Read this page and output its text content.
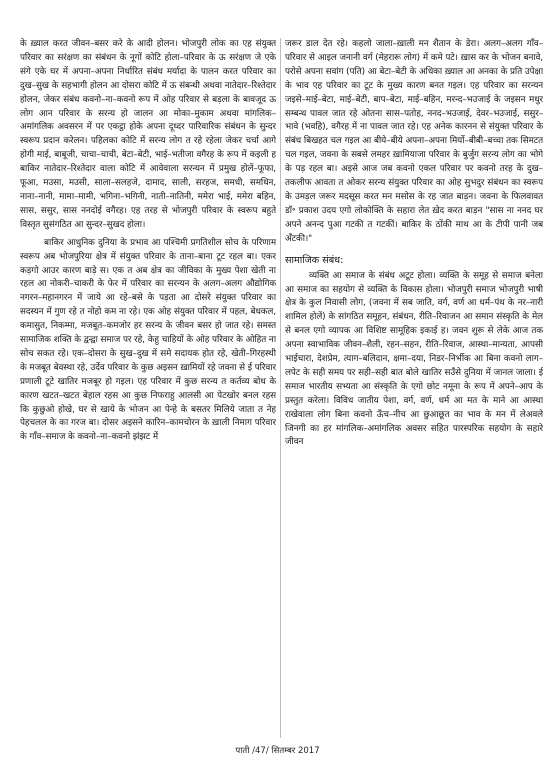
के ख़्याल करत जीवन–बसर करे के आदी होलन। भोजपुरी लोक का एह संयुक्त परिवार का सरंक्षण का संबंधन के नूगों कोटि होला–परिवार के ऊ सरंक्षण जे एके संगे एके घर में अपना–अपना निर्धारित संबंध मर्यादा के पालन करत परिवार का दुख–सुख के सहभागी होलन आ दोसरा कोटि में ऊ संबन्धी अथवा नातेदार–रिश्तेदार होलन, जेकर संबंध कवनो–ना–कवनो रूप में ओह परिवार से बड़ला के बावजूद ऊ लोग आन परिवार के सरन्य हो जालन आ मोका–मुकाम अथवा मांगलिक–अमांगलिक अवसरन में पर एकट्ठा होके अपना दूध्दर पारिवारिक संबंधन के सुन्दर स्वरूप प्रदान करेलन। पहिलका कोटि में सरन्य लोग त रहे रहेला जेकर चर्चा आगे होगी माई, बाबूजी, चाचा–चाची, बेटा–बेटी, भाई–भतीजा वगैरह के रूप में कइली ह बाकिर नातेदार–रिश्तेदार वाला कोटि में आवेवाला सरन्यन में प्रमुख होलें–फूफा, फूआ, मउसा, मउसी, साला–सलहजे, दामाद, साली, सरहज, समधी, समधिन, नाना–नानी, मामा–मामी, भगिना–भगिनी, नाती–नातिनी, ममेरा भाई, ममेरा बहिन, सास, ससुर, सास ननदोई वगैरह। एह तरह से भोजपुरी परिवार के स्वरूप बहुते विस्तृत सुसंगठित आ सुन्दर–सुखद होला।

बाकिर आधुनिक दुनिया के प्रभाव आ पश्चिमी प्रगतिशील सोच के परिणाम स्वरूप अब भोजपुरिया क्षेत्र में संयुक्त परिवार के ताना–बाना टूट रहल बा। एकर कड़गो आउर कारण बाड़े स। एक त अब क्षेत्र का जीविका के मुख्य पेशा खेती ना रहल आ नोकरी–चाकरी के फेर में परिवार का सरन्यन के अलग–अलग औद्योगिक नगरन–महानगरन में जाये आ रहे–बसे के पड़ता आ दोसरे संयुक्त परिवार का सदस्यन में गुण रहे त नोहो कम ना रहे। एक ओह संयुक्त परिवार में पहल, बेधकल, कमासुत, निकम्मा, मजबूत–कमजोर हर सरन्य के जीवन बसर हो जात रहे। समस्त सामाजिक शक्ति के द्वन्द्वा समाज पर रहे, केहु चाहियों के ओह परिवार के ओहित ना सोच सकत रहे। एक–दोसरा के सुख–दुख में समे सदायक होत रहे, खेती–गिरहस्थी के मजबूत बेवस्था रहे, उर्देव परिवार के कुछ अइसन ख़ामियों रहे जवना से ई परिवार प्रणाली टूटे खातिर मजबूर हो गइल। एह परिवार में कुछ सरन्य त कर्तव्य बोध के कारण खटत–खटत बेहाल रहस आ कुछ निफराहु आलसी आ पेटखोर बनल रहस कि कुछुओ होखे, घर से खाये के भोजन आ पेन्हे के बसतर मिलिये जाता त नेह पेहचलल के का गरज बा। दोसर अइसने कारिन–कामचोरन के ख़ाली निमाग परिवार के गाँव–समाज के कवनो–ना–कवनो झंझट में

जरूर डाल देत रहे। कहलो जाला–ख़ाली मन शैतान के डेरा। अलग–अलग गाँव–परिवार से आइल जनानी वर्ग (मेहरारू लोग) में कमे पटे। ख़ास कर के भोजन बनावे, परोसे अपना सवांग (पति) आ बेटा–बेटी के अधिका ख़्याल आ अनका के प्रति उपेक्षा के भाव एह परिवार का टूट के मुख्य कारण बनत गइल। एह परिवार का सरन्यन जइसे–माई–बेटा, माई–बेटी, बाप–बेटा, माई–बहिन, मरन्द–भउजाई के जइसन मधुर सम्बन्ध पावल जात रहे ओतना सास–पतोह, ननद–भउजाई, देवर–भउजाई, ससुर–भावे (भवहि), वगैरह में ना पावल जात रहे। एह अनेक कारनन से संयुक्त परिवार के संबंध बिखहत चल गइल आ बीये–बीये अपना–अपना मिर्यो–बीबी–बच्चा तक सिमटत चल गइल, जवना के सबसे लमहर ख़ामियाजा परिवार के बुर्जुग सरन्य लोग का भोगे के पड़ रहल बा। अइसे आज जब कवनो एकल परिवार पर कवनो तरह के दुख–तकलीफ आवता त ओकर सरन्य संयुक्त परिवार का ओह सुभदुर संबंधन का स्वरूप के उमड़ल जरूर मदसूस करत मन मसोस के रह जात बाड़न। जवना के फिलवावत डॉ॰ प्रकाश उदय एगो लोकोक्ति के सहारा लेत ख़ेद करत बाड़न "सास ना ननद घर अपने अनन्द पुआ गटकी त गटकीं। बाकिर के ठोंकी माथ आ के टीपी पानी जब अँटकी।"

सामाजिक संबंध:

व्यक्ति आ समाज के संबंध अटूट होला। व्यक्ति के समूह से समाज बनेला आ समाज का सहयोग से व्यक्ति के विकास होला। भोजपुरी समाज भोजपुरी भाषी क्षेत्र के कुल निवासी लोग, (जवना में सब जाति, वर्ग, वर्ण आ धर्म–पंथ के नर–नारी शामिल होलें) के सांगठित समूहन, संबंधन, रीति–रिवाजन आ समान संस्कृति के मेल से बनल एगो व्यापक आ विशिष्ट सामूहिक इकाई ह। जवन शुरू से लेके आज तक अपना स्वाभाविक जीवन–शैली, रहन–सहन, रीति–रिवाज, आस्था–मान्यता, आपसी भाईचारा, देशप्रेम, त्याग–बलिदान, क्षमा–दया, निडर–निर्भीक आ बिना कवनो लाग–लपेट के सही समय पर सही–सही बात बोले खातिर सउँसे दुनिया में जानल जाला। ई समाज भारतीय सभ्यता आ संस्कृति के एगो छोट नमूना के रूप में अपने–आप के प्रस्तुत करेला। विविध जातीय पेशा, वर्ग, वर्ण, धर्म आ मत के माने आ आस्था राखेवाला लोग बिना कवनो ऊँच–नीच आ छुआछूत का भाव के मन में लेअवले जिनगी का हर मांगलिक–अमांगलिक अवसर सहित पारस्परिक सहयोग के सहारे जीवन

पाती /47/ सितम्बर 2017
